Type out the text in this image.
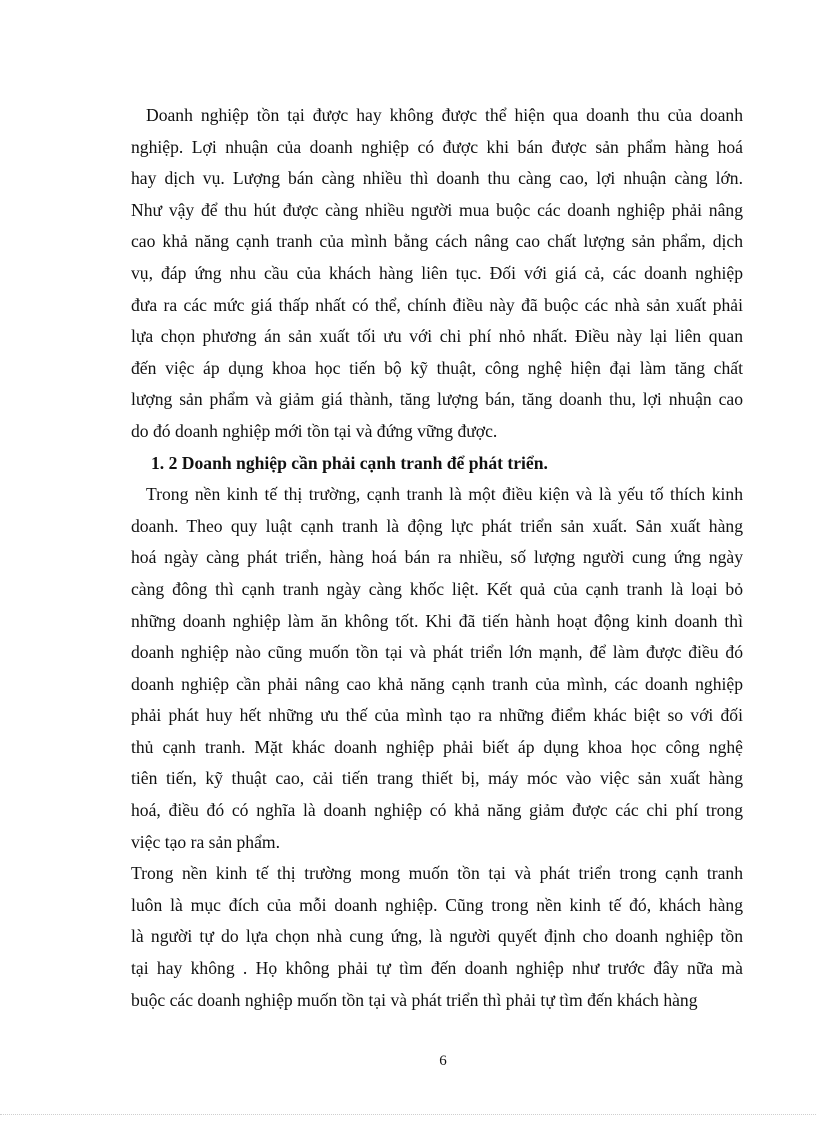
Doanh nghiệp tồn tại được hay không được thể hiện qua doanh thu của doanh
nghiệp. Lợi nhuận của doanh nghiệp có được khi bán được sản phẩm hàng hoá
hay dịch vụ. Lượng bán càng nhiều thì doanh thu càng cao, lợi nhuận càng lớn.
Như vậy để thu hút được càng nhiều người mua buộc các doanh nghiệp phải nâng
cao khả năng cạnh tranh của mình bằng cách nâng cao chất lượng sản phẩm, dịch
vụ, đáp ứng nhu cầu của khách hàng liên tục. Đối với giá cả, các doanh nghiệp
đưa ra các mức giá thấp nhất có thể, chính điều này đã buộc các nhà sản xuất phải
lựa chọn phương án sản xuất tối ưu với chi phí nhỏ nhất. Điều này lại liên quan
đến việc áp dụng khoa học tiến bộ kỹ thuật, công nghệ hiện đại làm tăng chất
lượng sản phẩm và giảm giá thành, tăng lượng bán, tăng doanh thu, lợi nhuận cao
do đó doanh nghiệp mới tồn tại và đứng vững được.
1. 2 Doanh nghiệp cần phải cạnh tranh để phát triển.
Trong nền kinh tế thị trường, cạnh tranh là một điều kiện và là yếu tố thích kinh
doanh. Theo quy luật cạnh tranh là động lực phát triển sản xuất. Sản xuất hàng
hoá ngày càng phát triển, hàng hoá bán ra nhiều, số lượng người cung ứng ngày
càng đông thì cạnh tranh ngày càng khốc liệt. Kết quả của cạnh tranh là loại bỏ
những doanh nghiệp làm ăn không tốt. Khi đã tiến hành hoạt động kinh doanh thì
doanh nghiệp nào cũng muốn tồn tại và phát triển lớn mạnh, để làm được điều đó
doanh nghiệp cần phải nâng cao khả năng cạnh tranh của mình, các doanh nghiệp
phải phát huy hết những ưu thế của mình tạo ra những điểm khác biệt so với đối
thủ cạnh tranh. Mặt khác doanh nghiệp phải biết áp dụng khoa học công nghệ
tiên tiến, kỹ thuật cao, cải tiến trang thiết bị, máy móc vào việc sản xuất hàng
hoá, điều đó có nghĩa là doanh nghiệp có khả năng giảm được các chi phí trong
việc tạo ra sản phẩm.
Trong nền kinh tế thị trường mong muốn tồn tại và phát triển trong cạnh tranh
luôn là mục đích của mỗi doanh nghiệp. Cũng trong nền kinh tế đó, khách hàng
là người tự do lựa chọn nhà cung ứng, là người quyết định cho doanh nghiệp tồn
tại hay không . Họ không phải tự tìm đến doanh nghiệp như trước đây nữa mà
buộc các doanh nghiệp muốn tồn tại và phát triển thì phải tự tìm đến khách hàng
6
